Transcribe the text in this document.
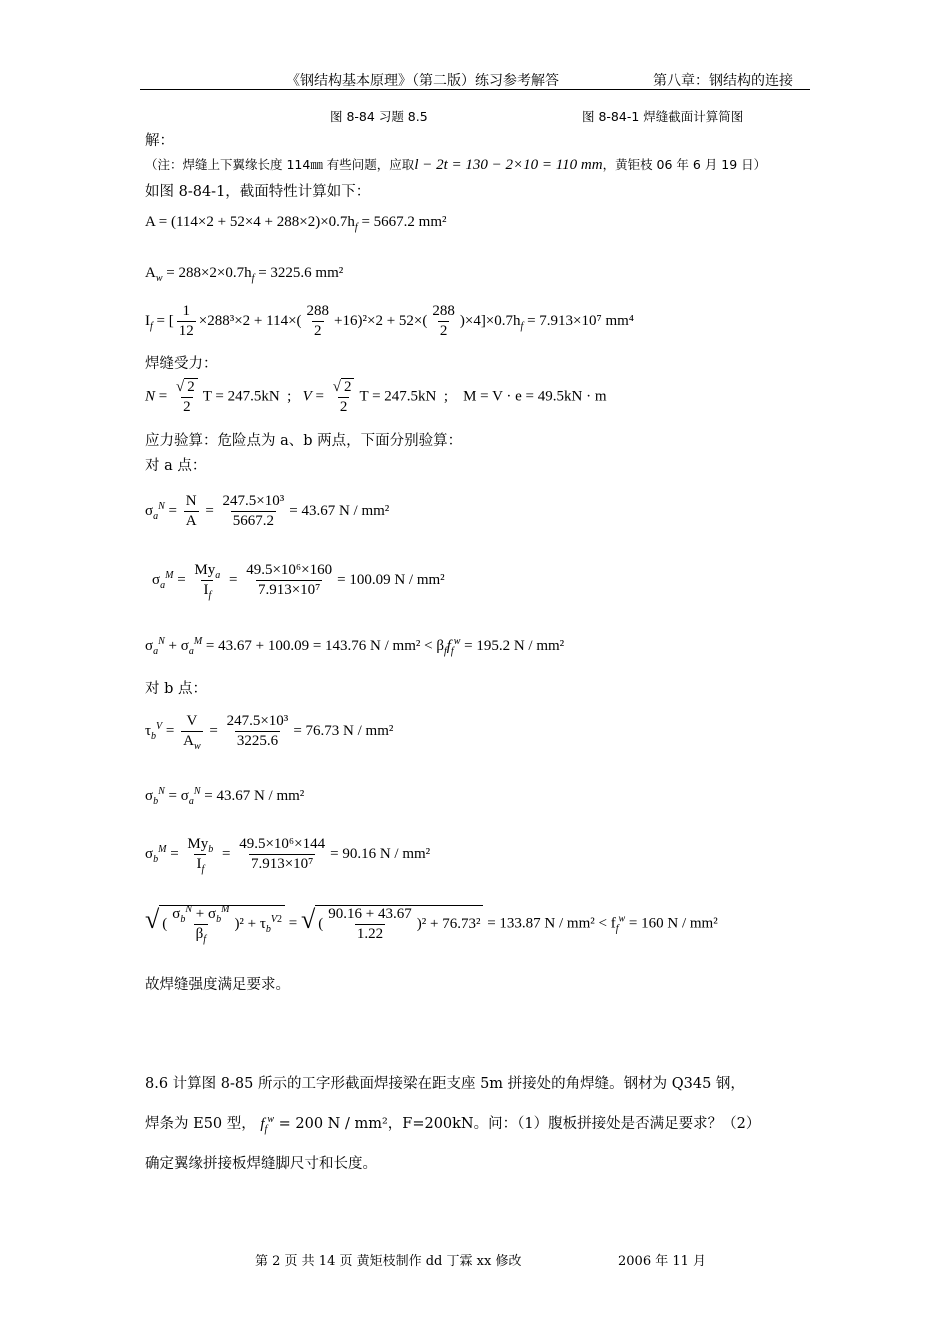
《钢结构基本原理》（第二版）练习参考解答	第八章：钢结构的连接
图 8-84 习题 8.5	图 8-84-1 焊缝截面计算简图
解：
（注：焊缝上下翼缘长度 114㎜ 有些问题，应取l − 2t = 130 − 2×10 = 110 mm，黄钜枝 06 年 6 月 19 日）
如图 8-84-1，截面特性计算如下：
$A = (114\times 2 + 52\times 4 + 288\times 2)\times 0.7h_f = 5667.2$ mm²
$A_w = 288\times 2\times 0.7h_f = 3225.6$ mm²
$I_f$ = [ $\frac{1}{12} \times 288^3\times 2 + 114\times( \frac{288}{2} +16)^2\times 2 + 52\times( \frac{288}{2} )\times 4]\times 0.7h_f = 7.913\times 10^7$ mm⁴
焊缝受力：
$N = \frac{√ 2}{2}$ T = 247.5kN  ;   $V = \frac{√ 2}{2}$ T = 247.5kN  ;    M = V · e = 49.5kN · m
应力验算：危险点为 a、b 两点，下面分别验算：
对 a 点：
$\sigma_a^N = \frac{N}{A} = \frac{\text{247.5×10³}}{5667.2} = 43.67$ N / mm²
$\sigma_a^M = \frac{My_a}{I_f} = \frac{\text{49.5×10⁶×160}}{\text{7.913×10⁷}} = 100.09$ N / mm²
$\sigma_a^N + \sigma_a^M = 43.67 + 100.09 = 143.76$ $N / mm^2 < \beta_ff_f^w = 195.2$ N / mm²
对 b 点：
$\tau_b^V = \frac{V}{A_w} = \frac{\text{247.5×10³}}{3225.6} = 76.73$ N / mm²
$\sigma_b^N = \sigma_a^N = 43.67$ N / mm²
$\sigma_b^M = \frac{My_b}{I_f} = \frac{\text{49.5×10⁶×144}}{\text{7.913×10⁷}} = 90.16$ N / mm²
√ ( $\frac{\sigma_b^N + \sigma_b^M}{\beta_f} )^2 + \tau_b^{V2}$ = √ ( $\frac{90.16 + 43.67}{1.22} )^2 + 76.73^2 = 133.87$ $N / mm^2 < f_f^w = 160$ N / mm²
故焊缝强度满足要求。
8.6 计算图 8-85 所示的工字形截面焊接梁在距支座 5m 拼接处的角焊缝。钢材为 Q345 钢，
焊条为 E50 型， $f_f^w = 200$ N / mm²，F=200kN。问：（1）腹板拼接处是否满足要求？（2）
确定翼缘拼接板焊缝脚尺寸和长度。
第 2 页 共 14 页 黄矩枝制作 dd 丁霖 xx 修改	2006 年 11 月
